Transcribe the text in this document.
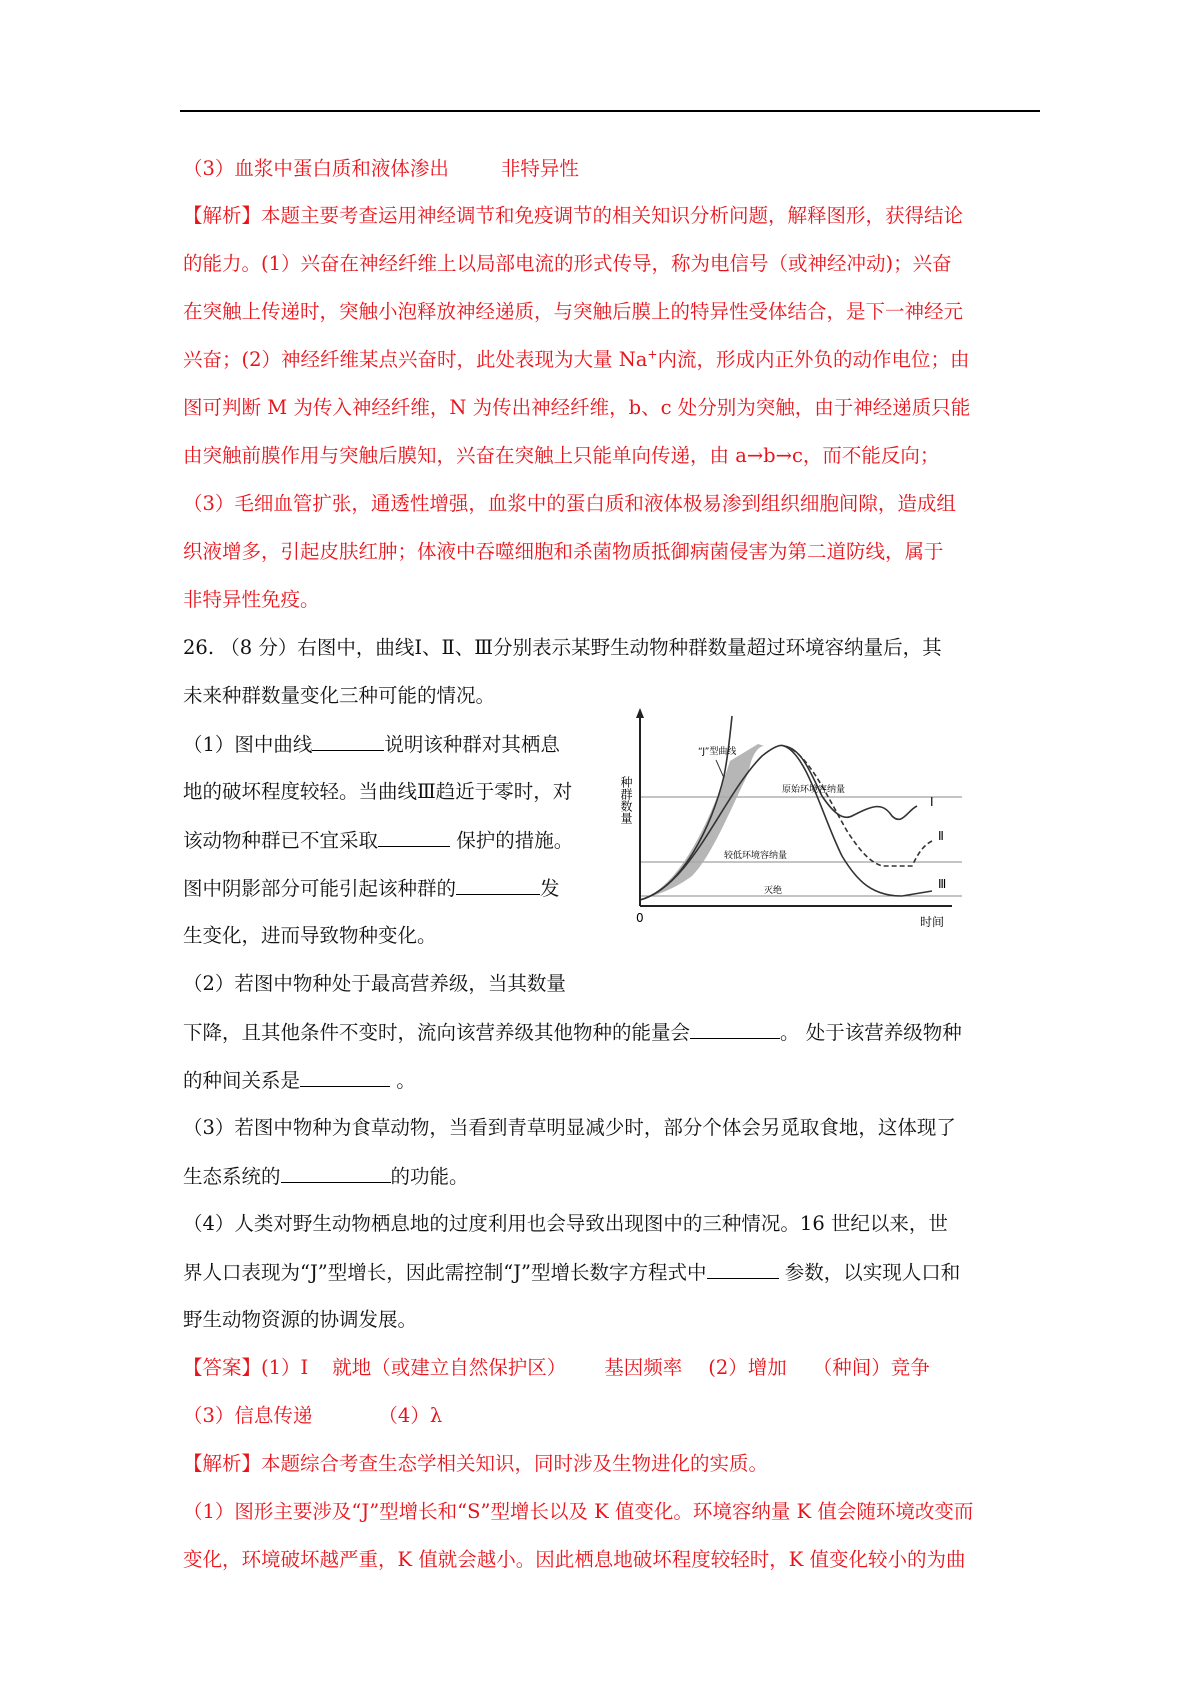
（3）血浆中蛋白质和液体渗出	非特异性
【解析】本题主要考查运用神经调节和免疫调节的相关知识分析问题，解释图形，获得结论
的能力。(1）兴奋在神经纤维上以局部电流的形式传导，称为电信号（或神经冲动)；兴奋
在突触上传递时，突触小泡释放神经递质，与突触后膜上的特异性受体结合，是下一神经元
兴奋；(2）神经纤维某点兴奋时，此处表现为大量 Na+内流，形成内正外负的动作电位；由
图可判断 M 为传入神经纤维，N 为传出神经纤维，b、c 处分别为突触，由于神经递质只能
由突触前膜作用与突触后膜知，兴奋在突触上只能单向传递，由 a→b→c，而不能反向；
（3）毛细血管扩张，通透性增强，血浆中的蛋白质和液体极易渗到组织细胞间隙，造成组
织液增多，引起皮肤红肿；体液中吞噬细胞和杀菌物质抵御病菌侵害为第二道防线，属于
非特异性免疫。
26. （8 分）右图中，曲线Ⅰ、Ⅱ、Ⅲ分别表示某野生动物种群数量超过环境容纳量后，其
未来种群数量变化三种可能的情况。
（1）图中曲线	说明该种群对其栖息
地的破坏程度较轻。当曲线Ⅲ趋近于零时，对
该动物种群已不宜采取	保护的措施。
图中阴影部分可能引起该种群的	发
生变化，进而导致物种变化。
（2）若图中物种处于最高营养级，当其数量
下降，且其他条件不变时，流向该营养级其他物种的能量会	。 处于该营养级物种
的种间关系是	。
（3）若图中物种为食草动物，当看到青草明显减少时，部分个体会另觅取食地，这体现了
生态系统的	的功能。
（4）人类对野生动物栖息地的过度利用也会导致出现图中的三种情况。16 世纪以来，世
界人口表现为“J”型增长，因此需控制“J”型增长数字方程式中	参数，以实现人口和
野生动物资源的协调发展。
【答案】(1）Ⅰ 就地（或建立自然保护区） 基因频率 (2）增加 （种间）竞争
（3）信息传递	（4）λ
【解析】本题综合考查生态学相关知识，同时涉及生物进化的实质。
（1）图形主要涉及“J”型增长和“S”型增长以及 K 值变化。环境容纳量 K 值会随环境改变而
变化，环境破坏越严重，K 值就会越小。因此栖息地破坏程度较轻时，K 值变化较小的为曲
种群数量
0	时间
“J”型曲线
原始环境容纳量
较低环境容纳量
灭绝
Ⅰ
Ⅱ
Ⅲ
